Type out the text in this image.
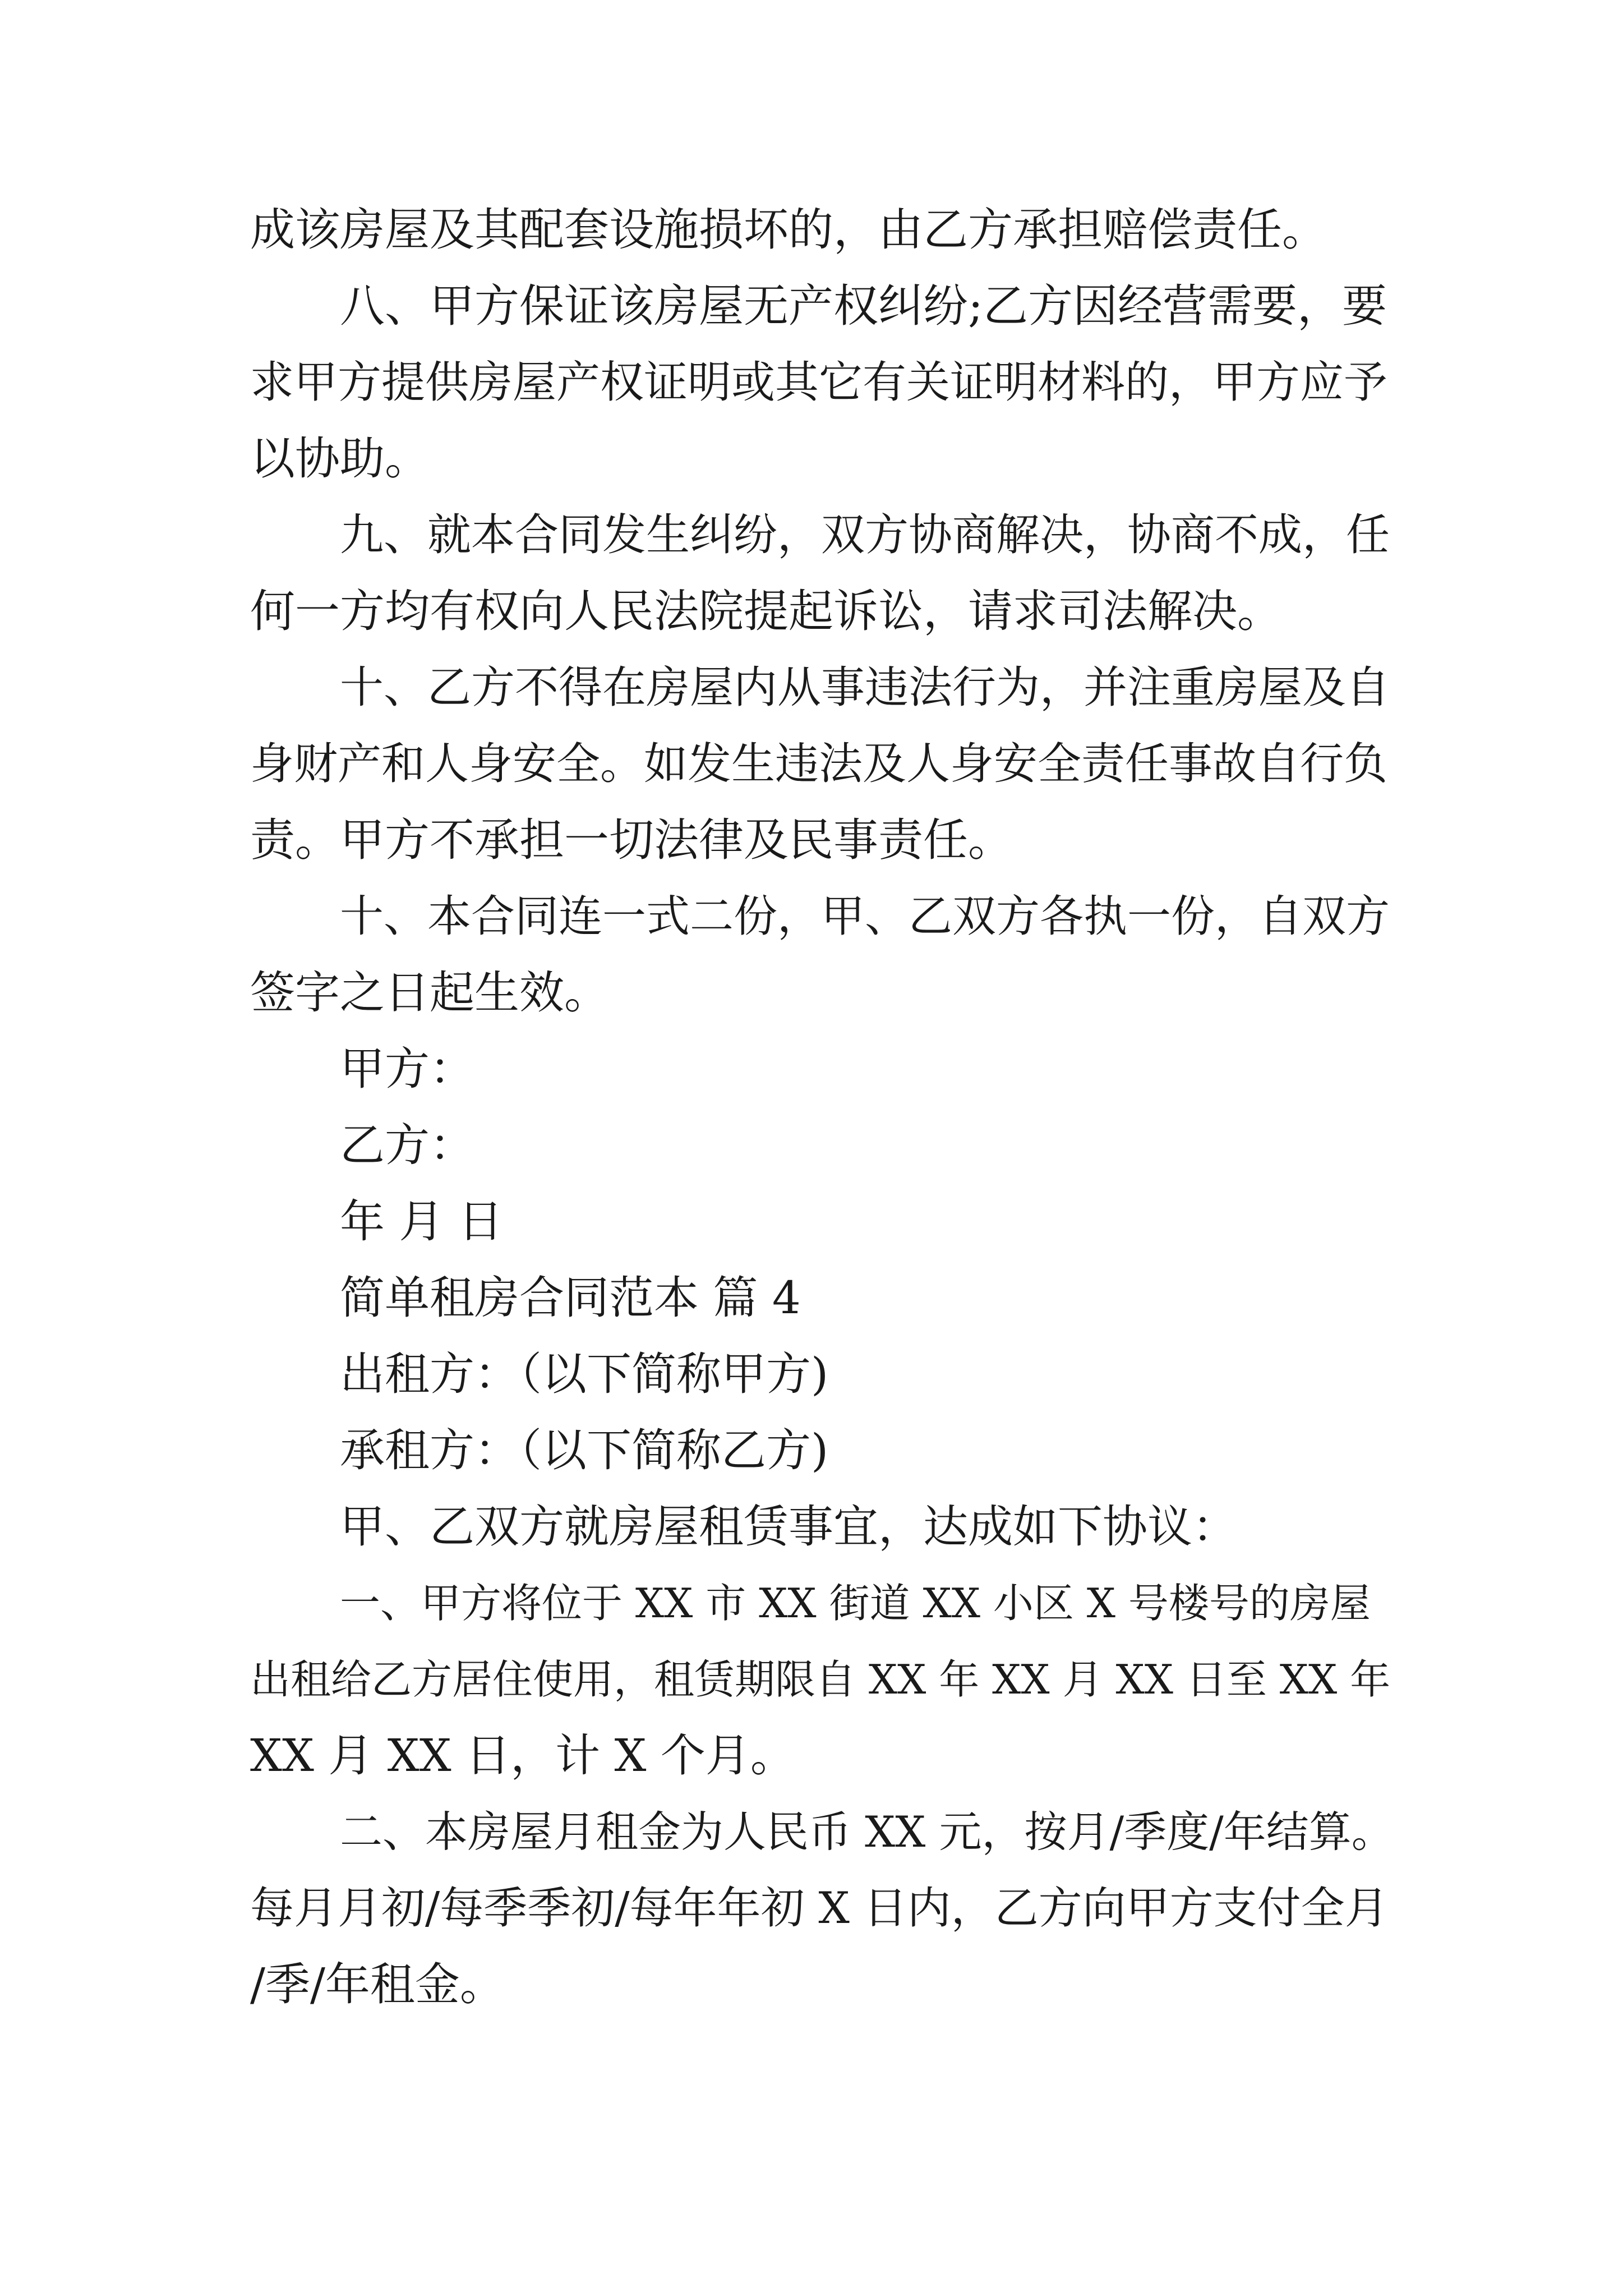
成该房屋及其配套设施损坏的，由乙方承担赔偿责任。
八、甲方保证该房屋无产权纠纷;乙方因经营需要，要
求甲方提供房屋产权证明或其它有关证明材料的，甲方应予
以协助。
九、就本合同发生纠纷，双方协商解决，协商不成，任
何一方均有权向人民法院提起诉讼，请求司法解决。
十、乙方不得在房屋内从事违法行为，并注重房屋及自
身财产和人身安全。如发生违法及人身安全责任事故自行负
责。甲方不承担一切法律及民事责任。
十、本合同连一式二份，甲、乙双方各执一份，自双方
签字之日起生效。
甲方：
乙方：
年 月 日
简单租房合同范本 篇 4
出租方：（以下简称甲方)
承租方：（以下简称乙方)
甲、乙双方就房屋租赁事宜，达成如下协议：
一、甲方将位于 XX 市 XX 街道 XX 小区 X 号楼号的房屋
出租给乙方居住使用，租赁期限自 XX 年 XX 月 XX 日至 XX 年
XX 月 XX 日，计 X 个月。
二、本房屋月租金为人民币 XX 元，按月/季度/年结算。
每月月初/每季季初/每年年初 X 日内，乙方向甲方支付全月
/季/年租金。
